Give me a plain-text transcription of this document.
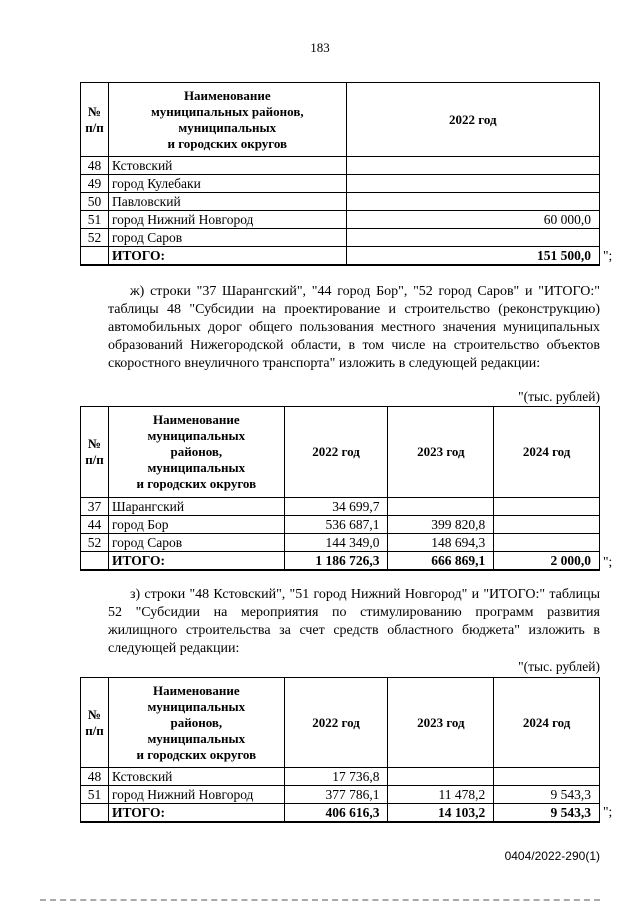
183
№
п/п	Наименование
муниципальных районов,
муниципальных
и городских округов	2022 год
48	Кстовский	
49	город Кулебаки	
50	Павловский	
51	город Нижний Новгород	60 000,0
52	город Саров	
	ИТОГО:	151 500,0 ";

ж) строки "37 Шарангский", "44 город Бор", "52 город Саров" и "ИТОГО:" таблицы 48 "Субсидии на проектирование и строительство (реконструкцию) автомобильных дорог общего пользования местного значения муниципальных образований Нижегородской области, в том числе на строительство объектов скоростного внеуличного транспорта" изложить в следующей редакции:

"(тыс. рублей)
№
п/п	Наименование
муниципальных
районов,
муниципальных
и городских округов	2022 год	2023 год	2024 год
37	Шарангский	34 699,7		
44	город Бор	536 687,1	399 820,8	
52	город Саров	144 349,0	148 694,3	
	ИТОГО:	1 186 726,3	666 869,1	2 000,0 ";

з) строки "48 Кстовский", "51 город Нижний Новгород" и "ИТОГО:" таблицы 52 "Субсидии на мероприятия по стимулированию программ развития жилищного строительства за счет средств областного бюджета" изложить в следующей редакции:

"(тыс. рублей)
№
п/п	Наименование
муниципальных
районов,
муниципальных
и городских округов	2022 год	2023 год	2024 год
48	Кстовский	17 736,8		
51	город Нижний Новгород	377 786,1	11 478,2	9 543,3
	ИТОГО:	406 616,3	14 103,2	9 543,3 ";
0404/2022-290(1)
